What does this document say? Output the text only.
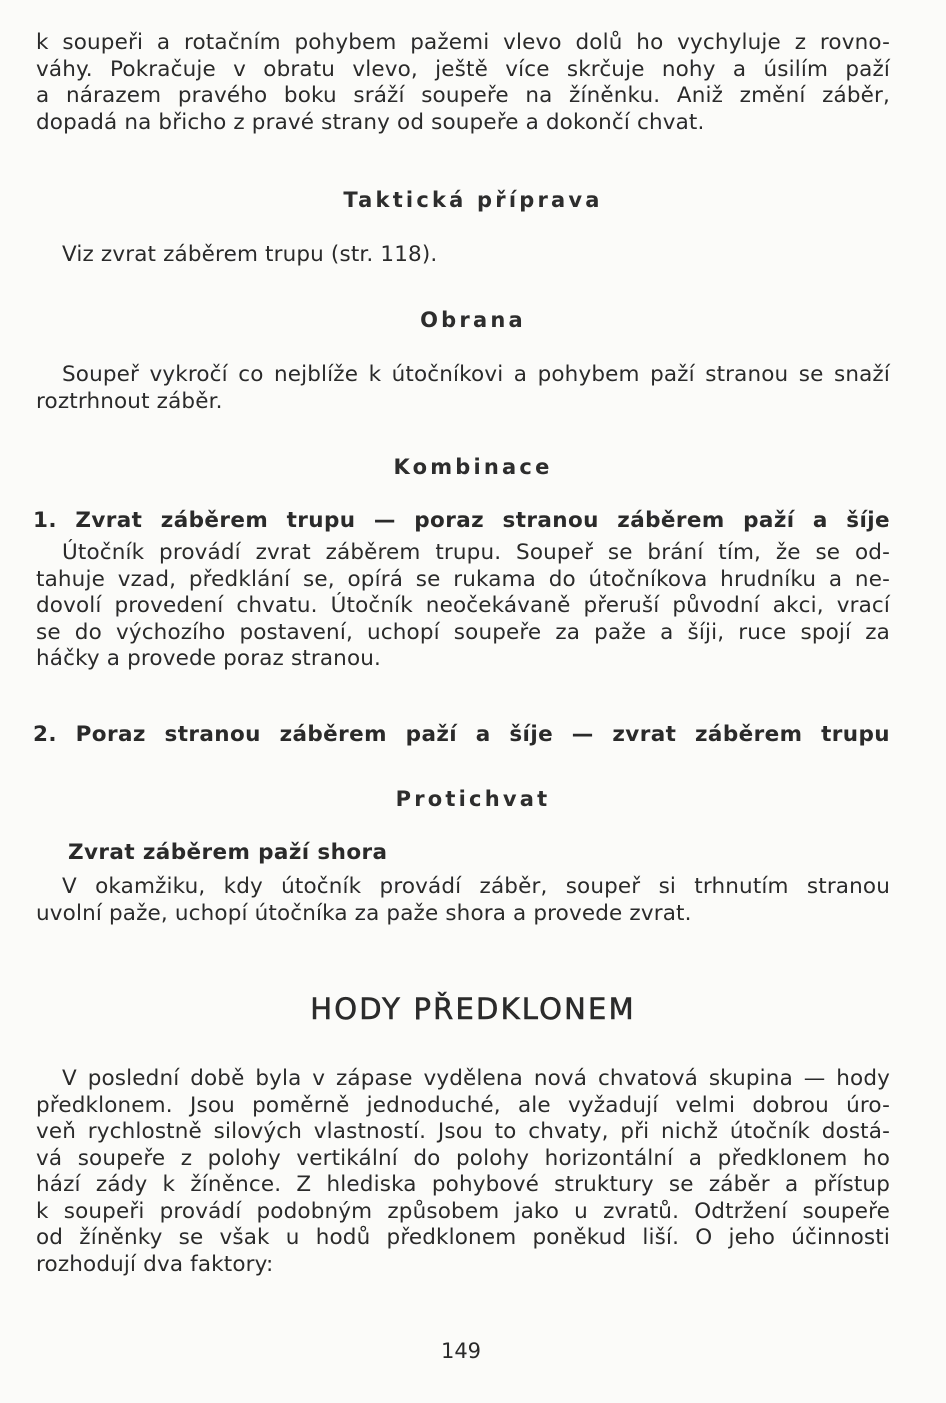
k soupeři a rotačním pohybem pažemi vlevo dolů ho vychyluje z rovno-
váhy. Pokračuje v obratu vlevo, ještě více skrčuje nohy a úsilím paží
a nárazem pravého boku sráží soupeře na žíněnku. Aniž změní záběr,
dopadá na břicho z pravé strany od soupeře a dokončí chvat.
Taktická příprava
Viz zvrat záběrem trupu (str. 118).
Obrana
Soupeř vykročí co nejblíže k útočníkovi a pohybem paží stranou se snaží
roztrhnout záběr.
Kombinace
1. Zvrat záběrem trupu — poraz stranou záběrem paží a šíje
Útočník provádí zvrat záběrem trupu. Soupeř se brání tím, že se od-
tahuje vzad, předklání se, opírá se rukama do útočníkova hrudníku a ne-
dovolí provedení chvatu. Útočník neočekávaně přeruší původní akci, vrací
se do výchozího postavení, uchopí soupeře za paže a šíji, ruce spojí za
háčky a provede poraz stranou.
2. Poraz stranou záběrem paží a šíje — zvrat záběrem trupu
Protichvat
Zvrat záběrem paží shora
V okamžiku, kdy útočník provádí záběr, soupeř si trhnutím stranou
uvolní paže, uchopí útočníka za paže shora a provede zvrat.
HODY PŘEDKLONEM
V poslední době byla v zápase vydělena nová chvatová skupina — hody
předklonem. Jsou poměrně jednoduché, ale vyžadují velmi dobrou úro-
veň rychlostně silových vlastností. Jsou to chvaty, při nichž útočník dostá-
vá soupeře z polohy vertikální do polohy horizontální a předklonem ho
hází zády k žíněnce. Z hlediska pohybové struktury se záběr a přístup
k soupeři provádí podobným způsobem jako u zvratů. Odtržení soupeře
od žíněnky se však u hodů předklonem poněkud liší. O jeho účinnosti
rozhodují dva faktory:
149
